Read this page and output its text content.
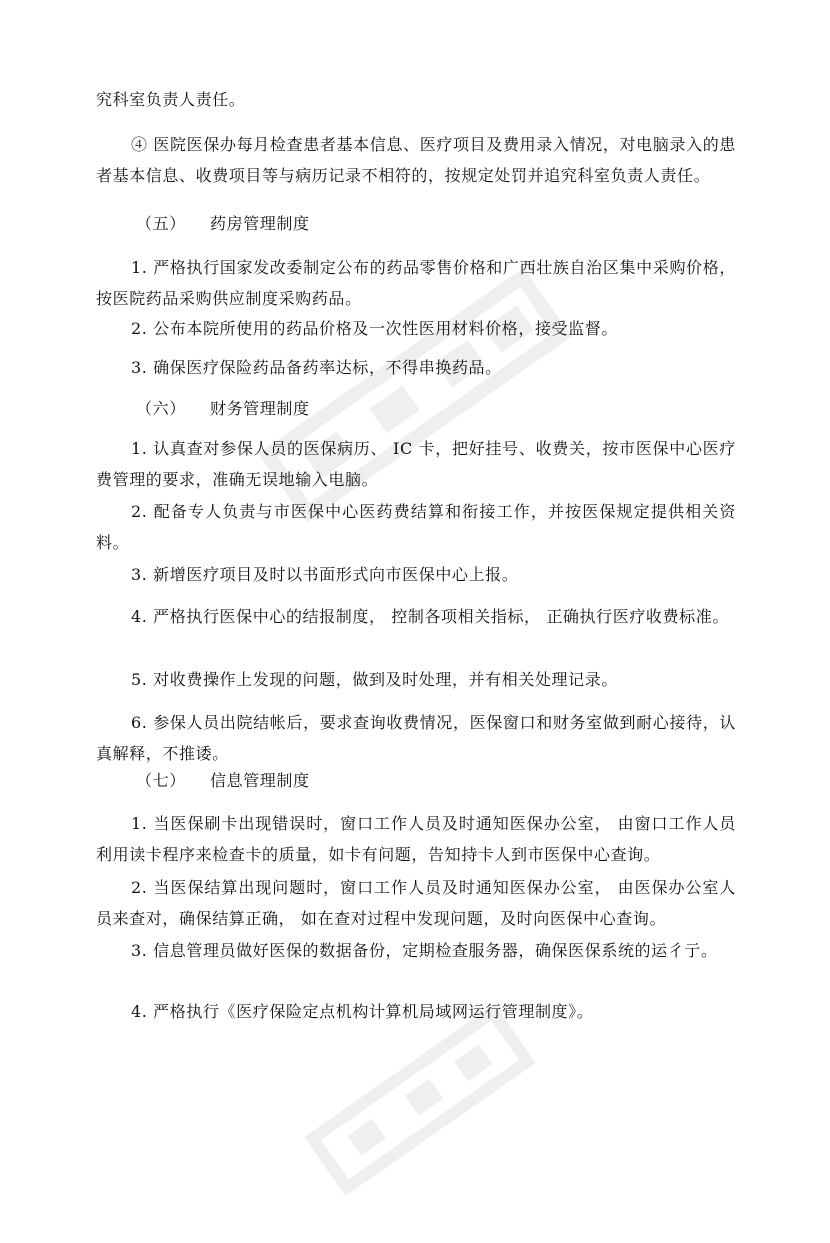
究科室负责人责任。

④ 医院医保办每月检查患者基本信息、医疗项目及费用录入情况，对电脑录入的患者基本信息、收费项目等与病历记录不相符的，按规定处罚并追究科室负责人责任。

（五） 药房管理制度

1. 严格执行国家发改委制定公布的药品零售价格和广西壮族自治区集中采购价格，按医院药品采购供应制度采购药品。

2. 公布本院所使用的药品价格及一次性医用材料价格，接受监督。

3. 确保医疗保险药品备药率达标，不得串换药品。

（六） 财务管理制度

1. 认真查对参保人员的医保病历、 IC 卡，把好挂号、收费关，按市医保中心医疗费管理的要求，准确无误地输入电脑。

2. 配备专人负责与市医保中心医药费结算和衔接工作，并按医保规定提供相关资料。

3. 新增医疗项目及时以书面形式向市医保中心上报。

4. 严格执行医保中心的结报制度， 控制各项相关指标， 正确执行医疗收费标准。

5. 对收费操作上发现的问题，做到及时处理，并有相关处理记录。

6. 参保人员出院结帐后，要求查询收费情况，医保窗口和财务室做到耐心接待，认真解释，不推诿。

（七） 信息管理制度

1. 当医保刷卡出现错误时，窗口工作人员及时通知医保办公室， 由窗口工作人员利用读卡程序来检查卡的质量，如卡有问题，告知持卡人到市医保中心查询。

2. 当医保结算出现问题时，窗口工作人员及时通知医保办公室， 由医保办公室人员来查对，确保结算正确， 如在查对过程中发现问题，及时向医保中心查询。

3. 信息管理员做好医保的数据备份，定期检查服务器，确保医保系统的运彳亍。

4. 严格执行《医疗保险定点机构计算机局域网运行管理制度》。
